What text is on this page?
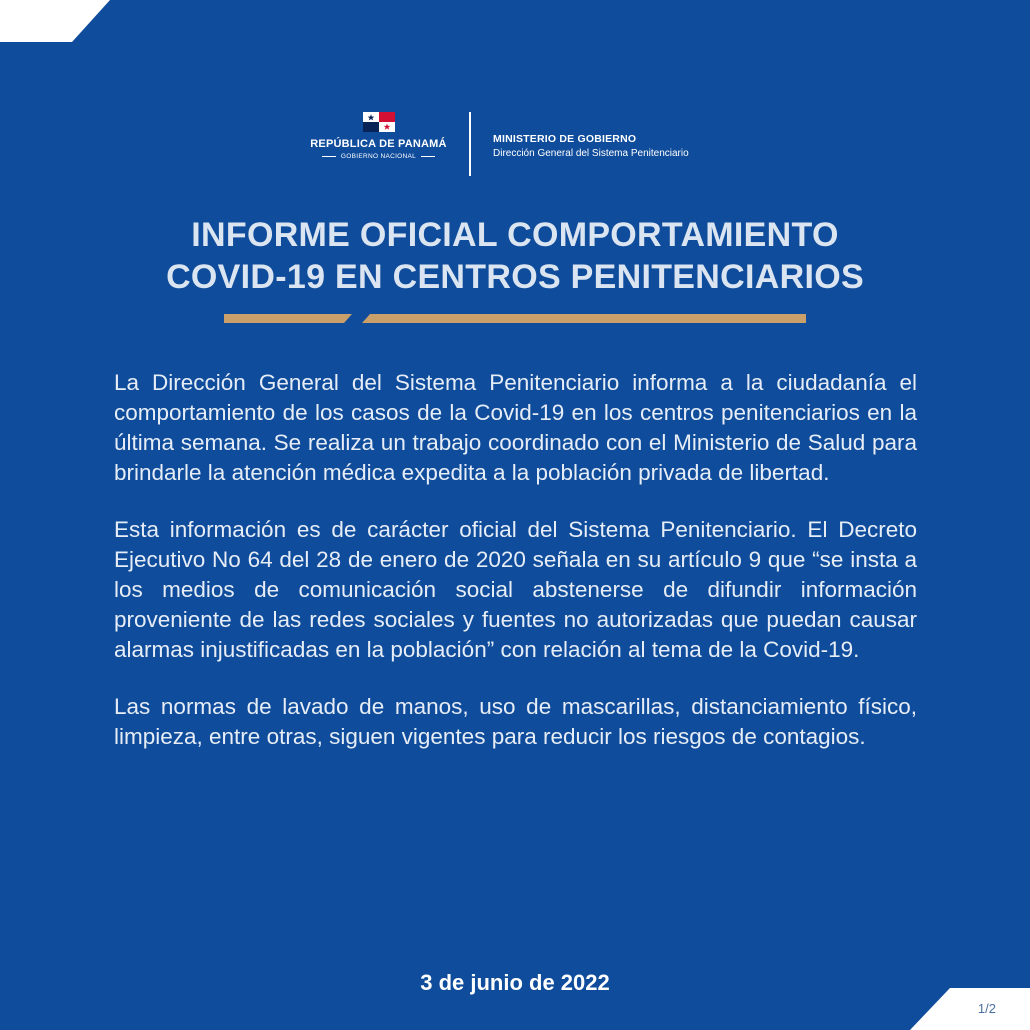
1/2
REPÚBLICA DE PANAMÁ
GOBIERNO NACIONAL
MINISTERIO DE GOBIERNO
Dirección General del Sistema Penitenciario
INFORME OFICIAL COMPORTAMIENTO
COVID-19 EN CENTROS PENITENCIARIOS

La Dirección General del Sistema Penitenciario informa a la ciudadanía el comportamiento de los casos de la Covid-19 en los centros penitenciarios en la última semana. Se realiza un trabajo coordinado con el Ministerio de Salud para brindarle la atención médica expedita a la población privada de libertad.

Esta información es de carácter oficial del Sistema Penitenciario. El Decreto Ejecutivo No 64 del 28 de enero de 2020 señala en su artículo 9 que “se insta a los medios de comunicación social abstenerse de difundir información proveniente de las redes sociales y fuentes no autorizadas que puedan causar alarmas injustificadas en la población” con relación al tema de la Covid-19.

Las normas de lavado de manos, uso de mascarillas, distanciamiento físico, limpieza, entre otras, siguen vigentes para reducir los riesgos de contagios.

3 de junio de 2022
